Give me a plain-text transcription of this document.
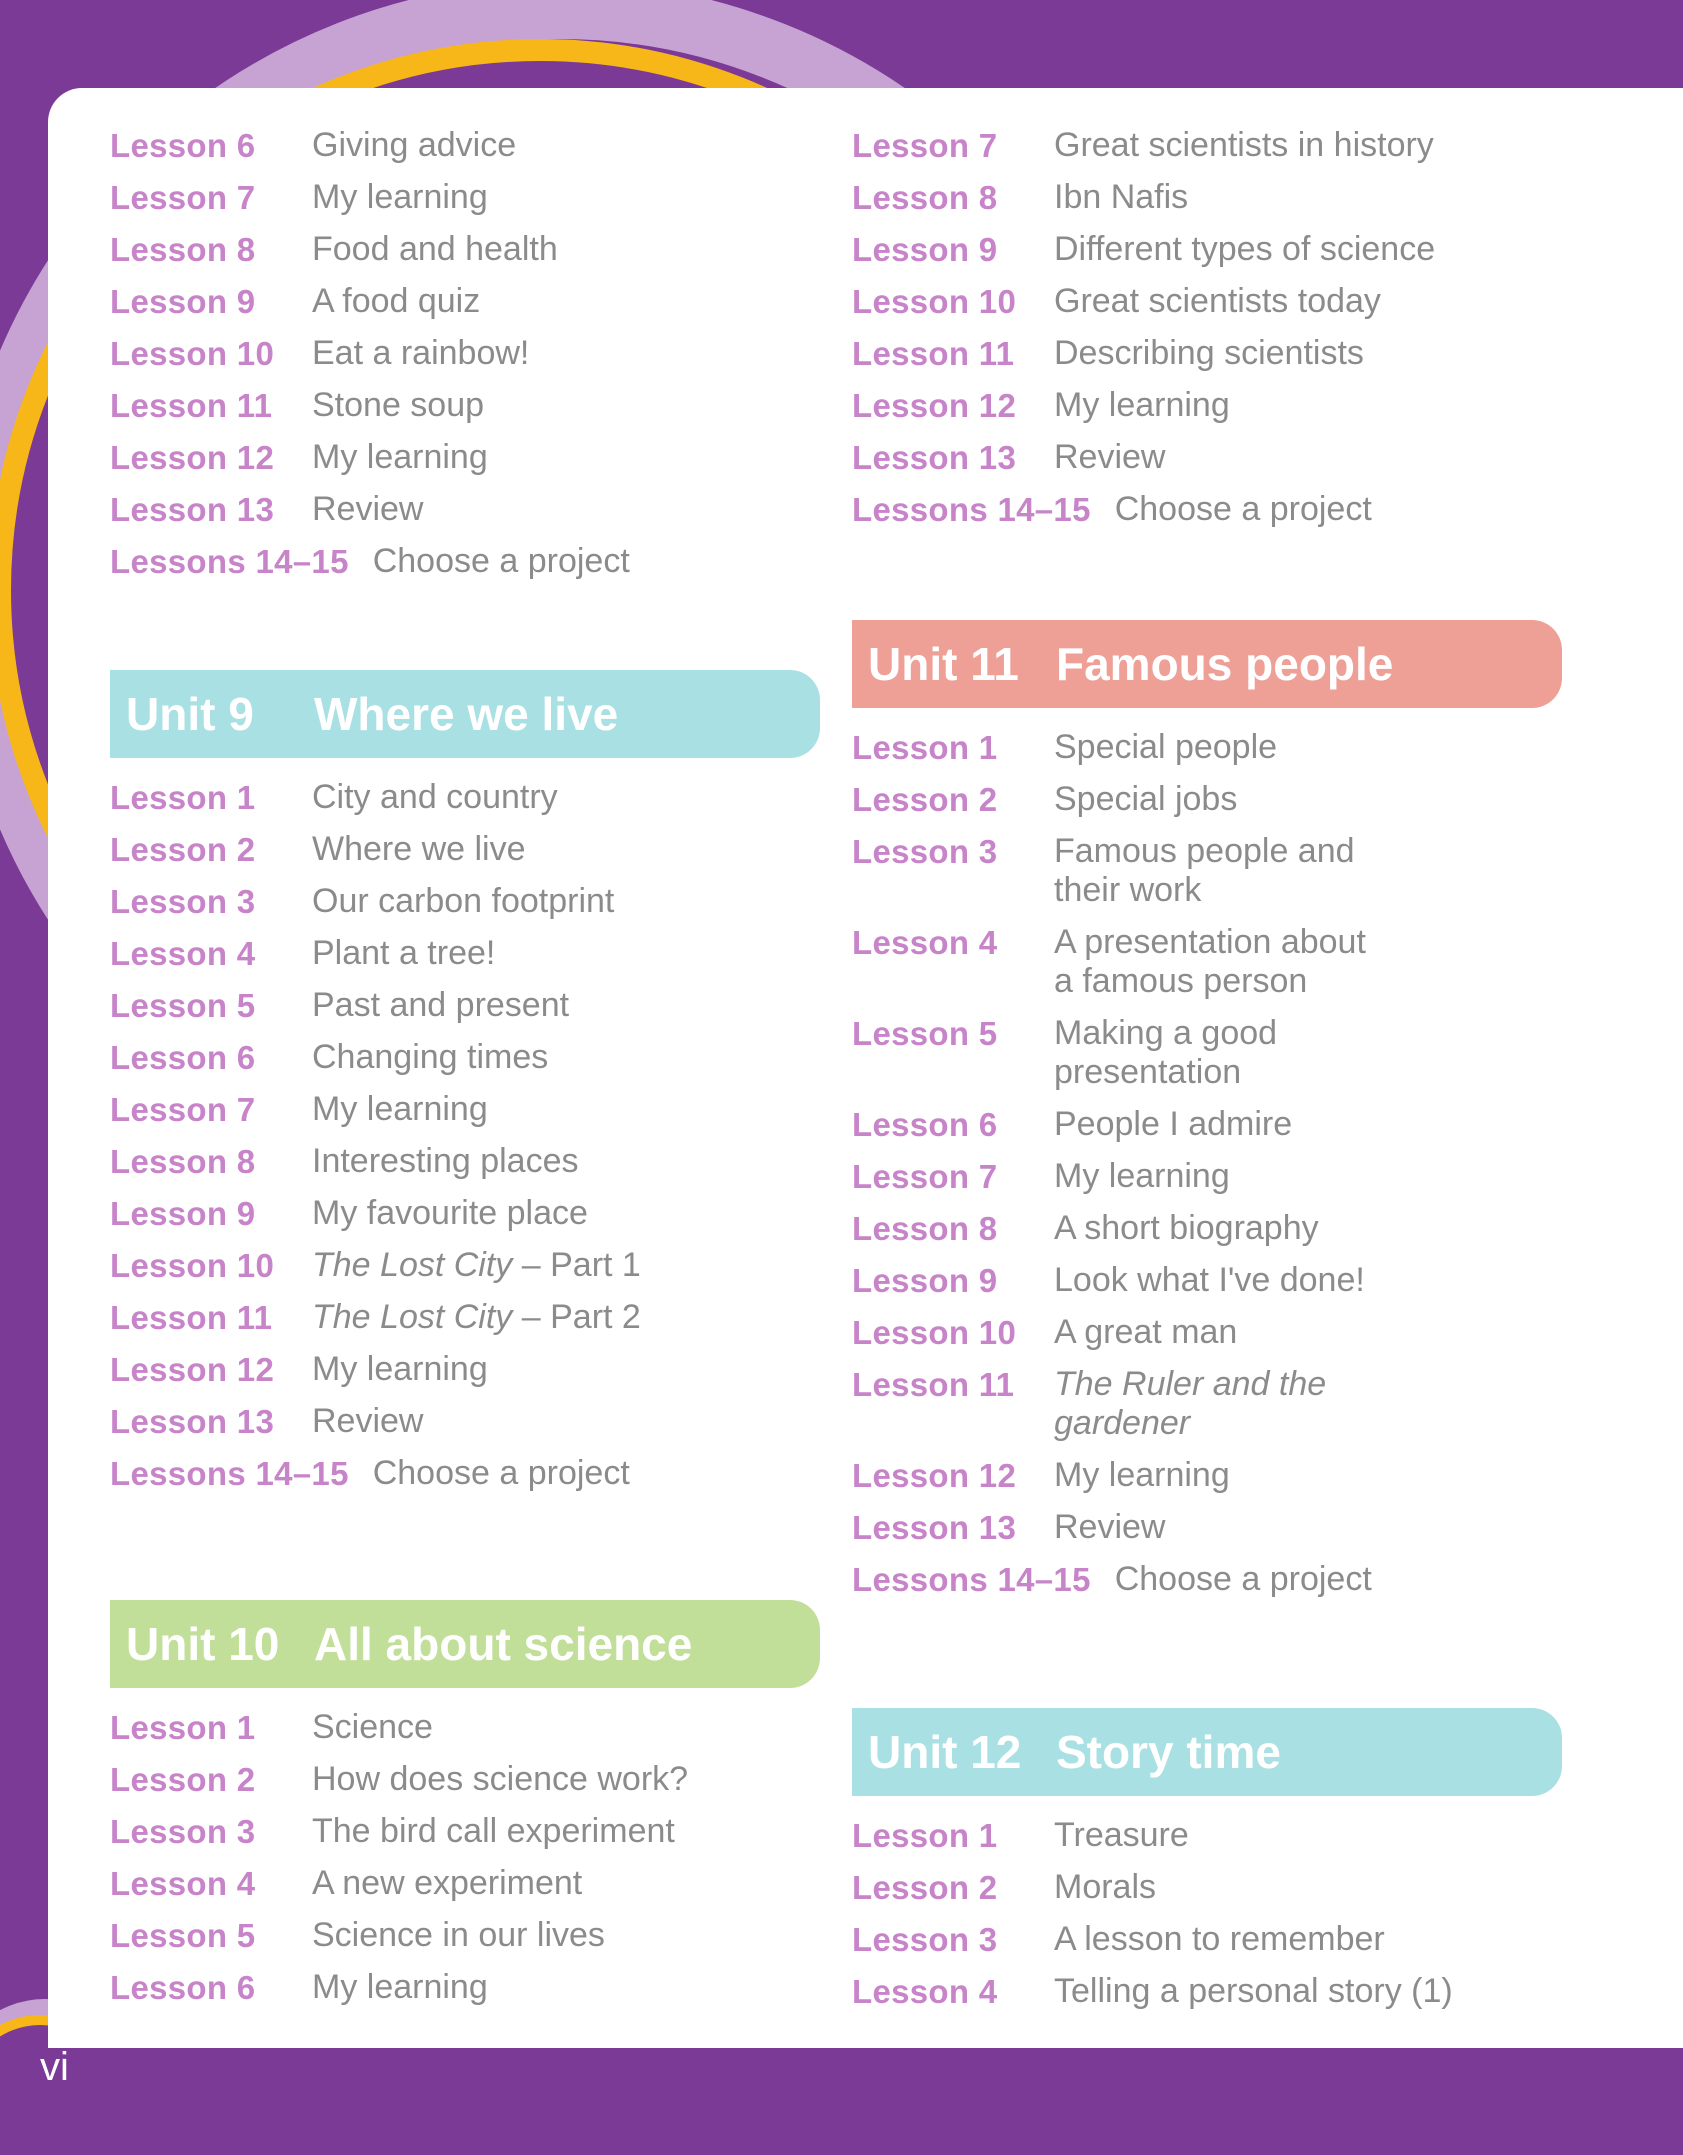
Lesson 6 Giving advice
Lesson 7 My learning
Lesson 8 Food and health
Lesson 9 A food quiz
Lesson 10 Eat a rainbow!
Lesson 11 Stone soup
Lesson 12 My learning
Lesson 13 Review
Lessons 14–15 Choose a project
Unit 9	Where we live
Lesson 1 City and country
Lesson 2 Where we live
Lesson 3 Our carbon footprint
Lesson 4 Plant a tree!
Lesson 5 Past and present
Lesson 6 Changing times
Lesson 7 My learning
Lesson 8 Interesting places
Lesson 9 My favourite place
Lesson 10 The Lost City – Part 1
Lesson 11 The Lost City – Part 2
Lesson 12 My learning
Lesson 13 Review
Lessons 14–15 Choose a project
Unit 10 All about science
Lesson 1 Science
Lesson 2 How does science work?
Lesson 3 The bird call experiment
Lesson 4 A new experiment
Lesson 5 Science in our lives
Lesson 6 My learning
Lesson 7 Great scientists in history
Lesson 8 Ibn Nafis
Lesson 9 Different types of science
Lesson 10 Great scientists today
Lesson 11 Describing scientists
Lesson 12 My learning
Lesson 13 Review
Lessons 14–15 Choose a project
Unit 11 Famous people
Lesson 1 Special people
Lesson 2 Special jobs
Lesson 3 Famous people and
their work
Lesson 4 A presentation about
a famous person
Lesson 5 Making a good
presentation
Lesson 6 People I admire
Lesson 7 My learning
Lesson 8 A short biography
Lesson 9 Look what I've done!
Lesson 10 A great man
Lesson 11 The Ruler and the
gardener
Lesson 12 My learning
Lesson 13 Review
Lessons 14–15 Choose a project
Unit 12 Story time
Lesson 1 Treasure
Lesson 2 Morals
Lesson 3 A lesson to remember
Lesson 4 Telling a personal story (1)
vi
